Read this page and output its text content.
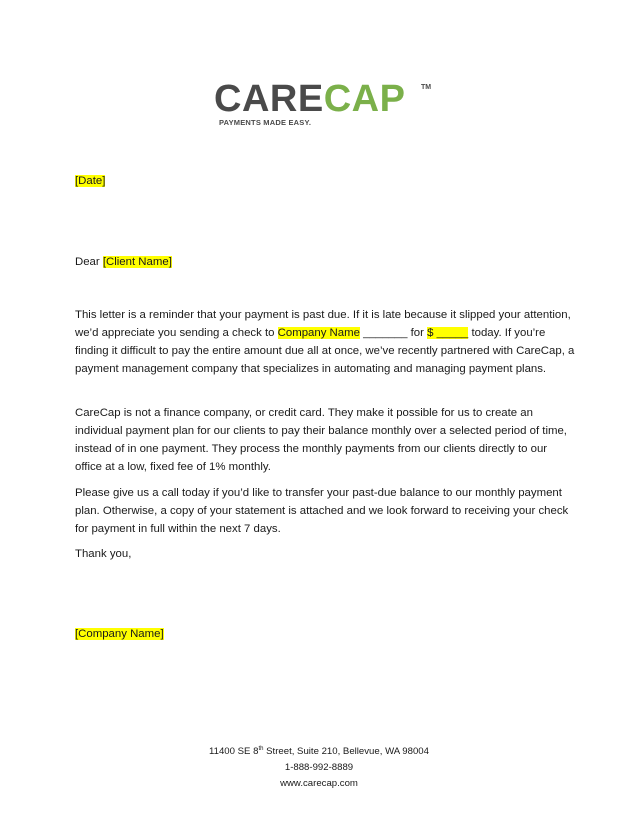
CARECAP TM
PAYMENTS MADE EASY.
[Date]
Dear [Client Name]
This letter is a reminder that your payment is past due. If it is late because it slipped your attention, we’d appreciate you sending a check to Company Name _______ for $ _____ today. If you’re finding it difficult to pay the entire amount due all at once, we’ve recently partnered with CareCap, a payment management company that specializes in automating and managing payment plans.
CareCap is not a finance company, or credit card. They make it possible for us to create an individual payment plan for our clients to pay their balance monthly over a selected period of time, instead of in one payment. They process the monthly payments from our clients directly to our office at a low, fixed fee of 1% monthly.
Please give us a call today if you’d like to transfer your past-due balance to our monthly payment plan. Otherwise, a copy of your statement is attached and we look forward to receiving your check for payment in full within the next 7 days.
Thank you,
[Company Name]
11400 SE 8th Street, Suite 210, Bellevue, WA 98004
1-888-992-8889
www.carecap.com
